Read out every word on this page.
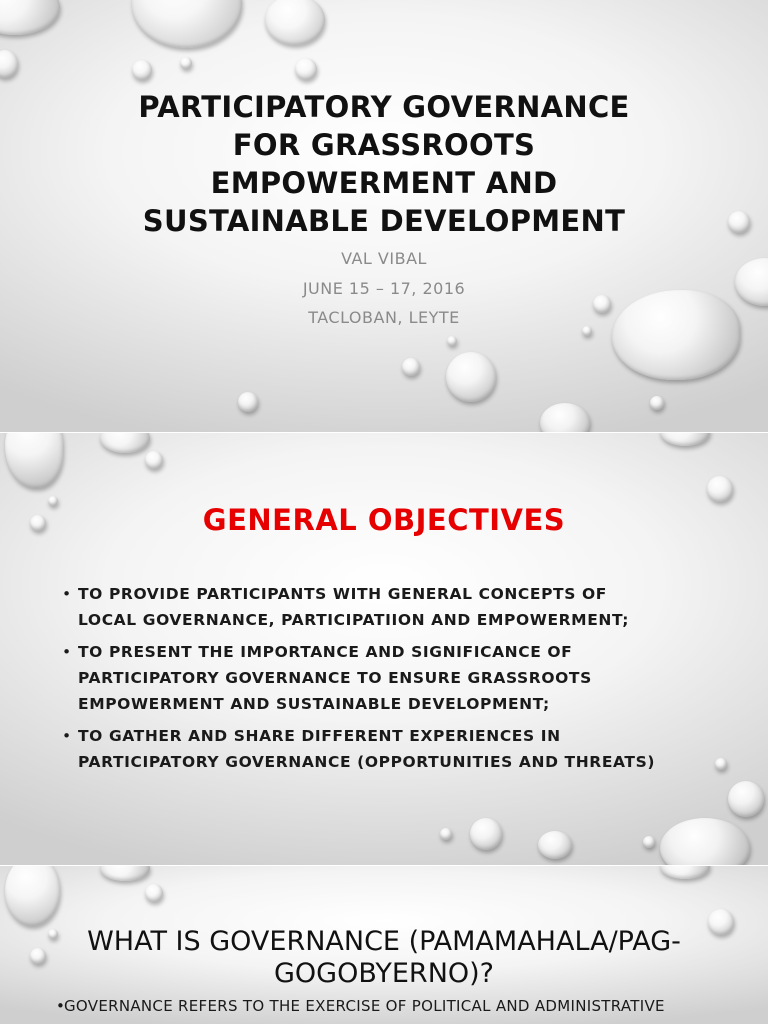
PARTICIPATORY GOVERNANCE
FOR GRASSROOTS
EMPOWERMENT AND
SUSTAINABLE DEVELOPMENT
VAL VIBAL
JUNE 15 – 17, 2016
TACLOBAN, LEYTE
GENERAL OBJECTIVES
• TO PROVIDE PARTICIPANTS WITH GENERAL CONCEPTS OF
LOCAL GOVERNANCE, PARTICIPATIION AND EMPOWERMENT;
• TO PRESENT THE IMPORTANCE AND SIGNIFICANCE OF
PARTICIPATORY GOVERNANCE TO ENSURE GRASSROOTS
EMPOWERMENT AND SUSTAINABLE DEVELOPMENT;
• TO GATHER AND SHARE DIFFERENT EXPERIENCES IN
PARTICIPATORY GOVERNANCE (OPPORTUNITIES AND THREATS)
WHAT IS GOVERNANCE (PAMAMAHALA/PAG-
GOGOBYERNO)?
•
GOVERNANCE REFERS TO THE EXERCISE OF POLITICAL AND ADMINISTRATIVE
